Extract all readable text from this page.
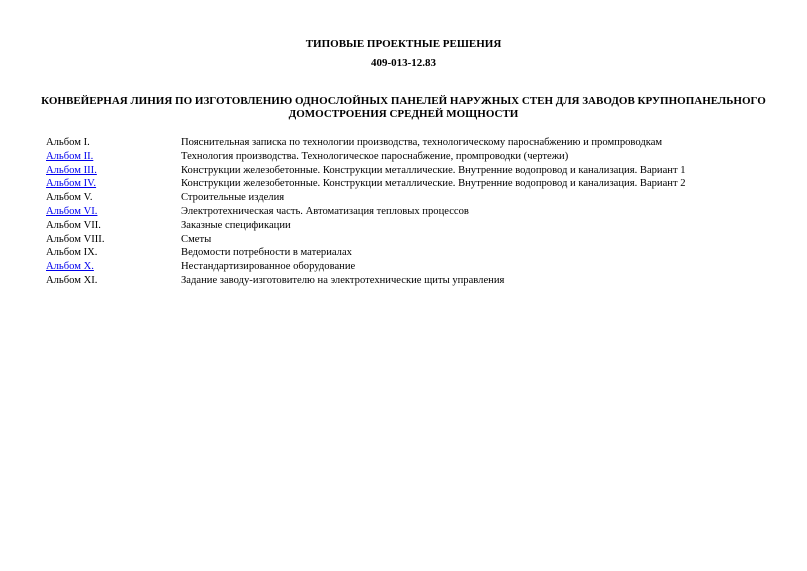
ТИПОВЫЕ ПРОЕКТНЫЕ РЕШЕНИЯ
409-013-12.83
КОНВЕЙЕРНАЯ ЛИНИЯ ПО ИЗГОТОВЛЕНИЮ ОДНОСЛОЙНЫХ ПАНЕЛЕЙ НАРУЖНЫХ СТЕН ДЛЯ ЗАВОДОВ КРУПНОПАНЕЛЬНОГО ДОМОСТРОЕНИЯ СРЕДНЕЙ МОЩНОСТИ
Альбом I.	Пояснительная записка по технологии производства, технологическому пароснабжению и промпроводкам
Альбом II.	Технология производства. Технологическое пароснабжение, промпроводки (чертежи)
Альбом III.	Конструкции железобетонные. Конструкции металлические. Внутренние водопровод и канализация. Вариант 1
Альбом IV.	Конструкции железобетонные. Конструкции металлические. Внутренние водопровод и канализация. Вариант 2
Альбом V.	Строительные изделия
Альбом VI.	Электротехническая часть. Автоматизация тепловых процессов
Альбом VII.	Заказные спецификации
Альбом VIII.	Сметы
Альбом IX.	Ведомости потребности в материалах
Альбом X.	Нестандартизированное оборудование
Альбом XI.	Задание заводу-изготовителю на электротехнические щиты управления
